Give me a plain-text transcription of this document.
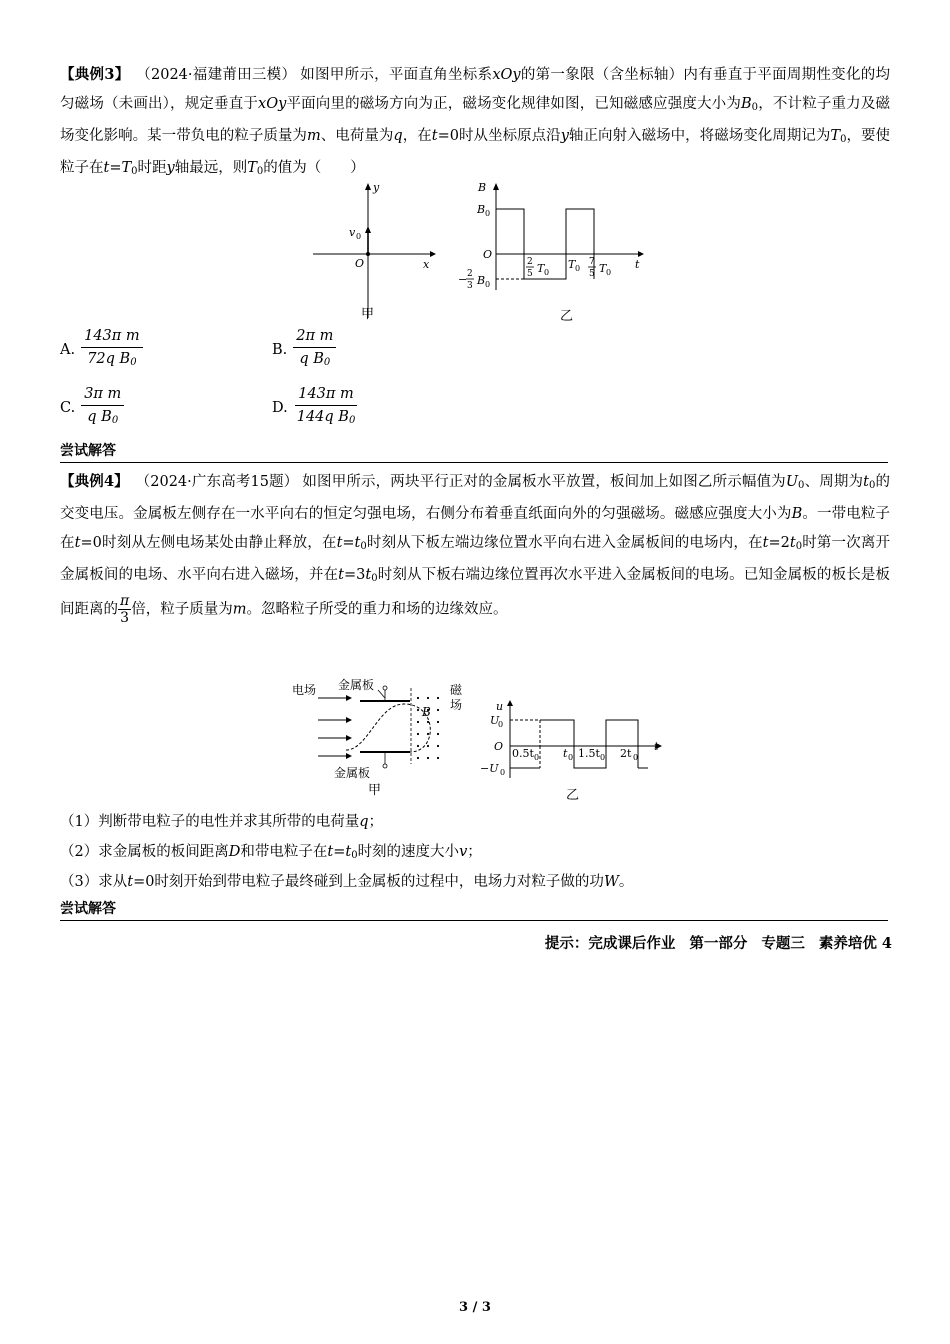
【典例3】 （2024·福建莆田三模） 如图甲所示，平面直角坐标系xOy的第一象限（含坐标轴）内有垂直于平面周期性变化的均匀磁场（未画出），规定垂直于xOy平面向里的磁场方向为正，磁场变化规律如图，已知磁感应强度大小为$B_0$，不计粒子重力及磁场变化影响。某一带负电的粒子质量为m、电荷量为q，在t=0时从坐标原点沿y轴正向射入磁场中，将磁场变化周期记为$T_0$，要使粒子在$t=T_0$时距y轴最远，则$T_0$的值为（　　）
y
x
O
v 0
甲
B
t
O
B 0
− 2
3 B 0
2
5 T 0
T 0
7
5 T 0
乙
A. $\frac{\text{143π m}}{72q B_0}$	B. $\frac{\text{2π m}}{q B_0}$
C. $\frac{\text{3π m}}{q B_0}$	D. $\frac{\text{143π m}}{144q B_0}$
尝试解答
【典例4】 （2024·广东高考15题） 如图甲所示，两块平行正对的金属板水平放置，板间加上如图乙所示幅值为$U_0$、周期为$t_0$的交变电压。金属板左侧存在一水平向右的恒定匀强电场，右侧分布着垂直纸面向外的匀强磁场。磁感应强度大小为B。一带电粒子在t=0时刻从左侧电场某处由静止释放，在$t=t_0$时刻从下板左端边缘位置水平向右进入金属板间的电场内，在$t=2t_0$时第一次离开金属板间的电场、水平向右进入磁场，并在$t=3t_0$时刻从下板右端边缘位置再次水平进入金属板间的电场。已知金属板的板长是板间距离的 $\frac{\pi}{3}$ 倍，粒子质量为m。忽略粒子所受的重力和场的边缘效应。
电场 金属板	磁
场
B
金属板
甲
u
t
O
U
0
−U 0
0.5t 0 t 0 1.5t 0 2t 0
乙
（1）判断带电粒子的电性并求其所带的电荷量q；
（2）求金属板的板间距离D和带电粒子在$t=t_0$时刻的速度大小v；
（3）求从t=0时刻开始到带电粒子最终碰到上金属板的过程中，电场力对粒子做的功W。
尝试解答
提示：完成课后作业 第一部分 专题三 素养培优 4
3 / 3
